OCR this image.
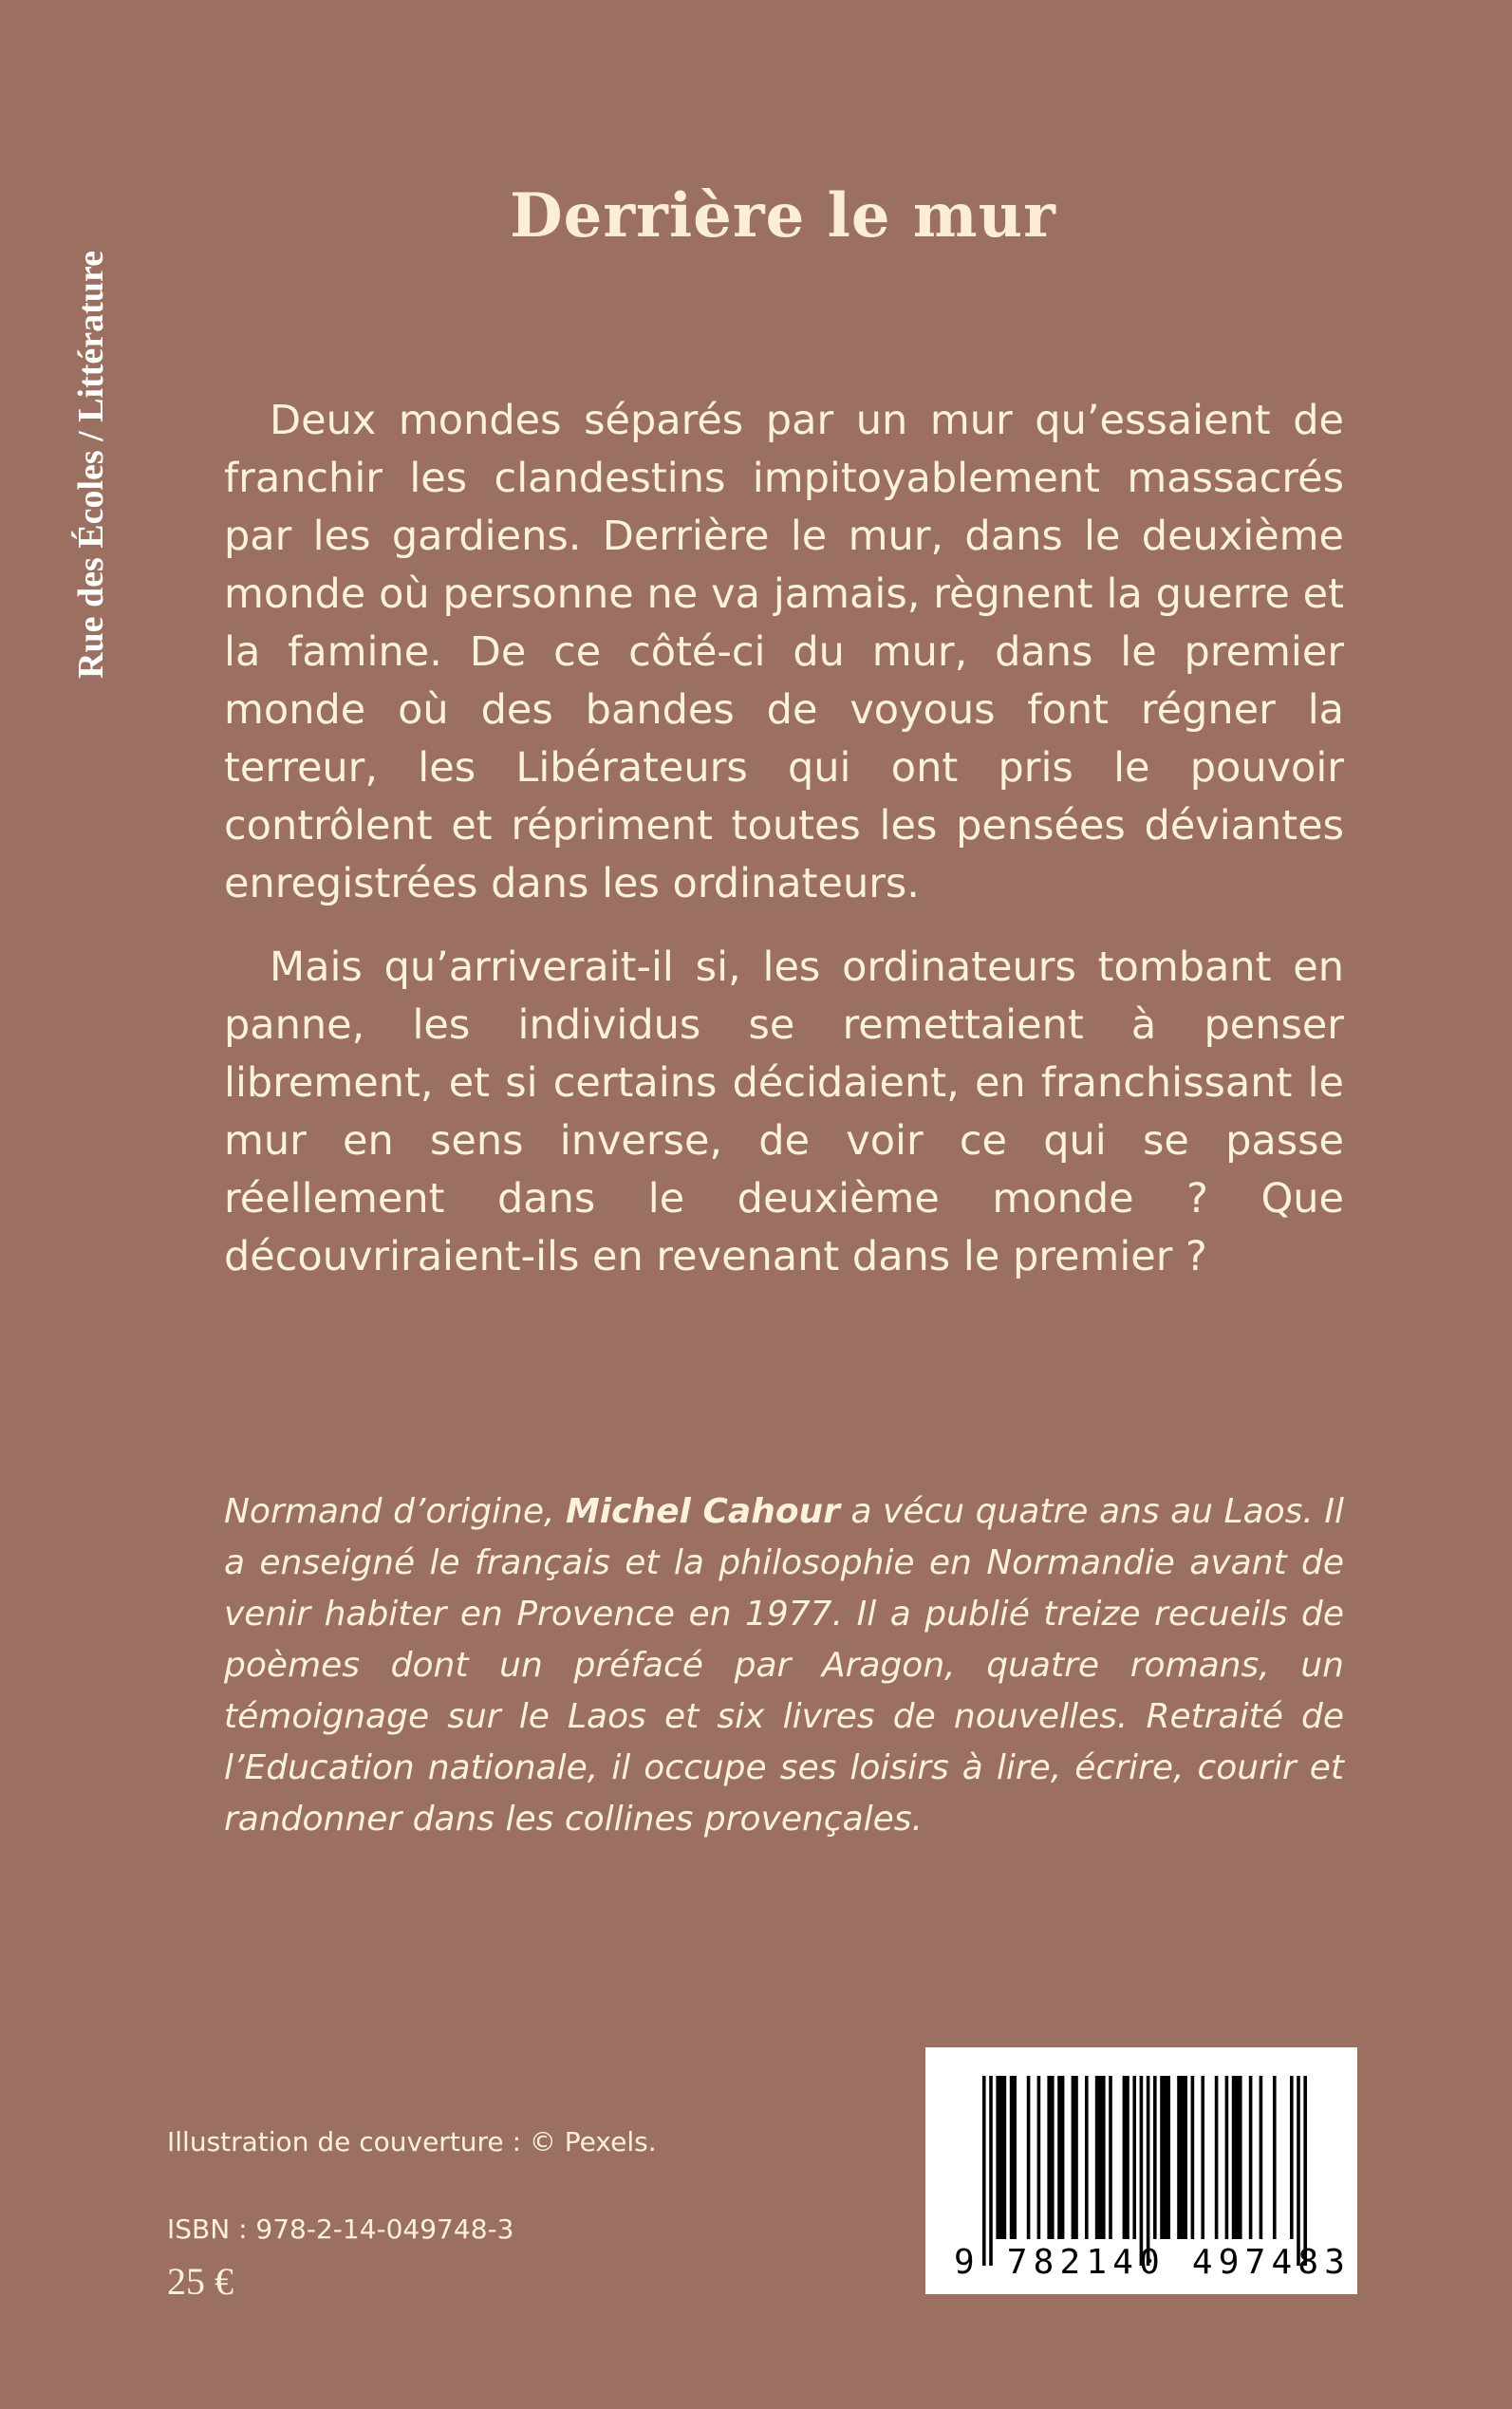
Rue des Écoles / Littérature
Derrière le mur

Deux mondes séparés par un mur qu’essaient de franchir les clandestins impitoyablement massacrés par les gardiens. Derrière le mur, dans le deuxième monde où personne ne va jamais, règnent la guerre et la famine. De ce côté-ci du mur, dans le premier monde où des bandes de voyous font régner la terreur, les Libérateurs qui ont pris le pouvoir contrôlent et répriment toutes les pensées déviantes enregistrées dans les ordinateurs.

Mais qu’arriverait-il si, les ordinateurs tombant en panne, les individus se remettaient à penser librement, et si certains décidaient, en franchissant le mur en sens inverse, de voir ce qui se passe réellement dans le deuxième monde ? Que découvriraient-ils en revenant dans le premier ?

Normand d’origine, Michel Cahour a vécu quatre ans au Laos. Il a enseigné le français et la philosophie en Normandie avant de venir habiter en Provence en 1977. Il a publié treize recueils de poèmes dont un préfacé par Aragon, quatre romans, un témoignage sur le Laos et six livres de nouvelles. Retraité de l’Education nationale, il occupe ses loisirs à lire, écrire, courir et randonner dans les collines provençales.

Illustration de couverture : © Pexels.

ISBN : 978-2-14-049748-3

25 €	9 782140 497483
